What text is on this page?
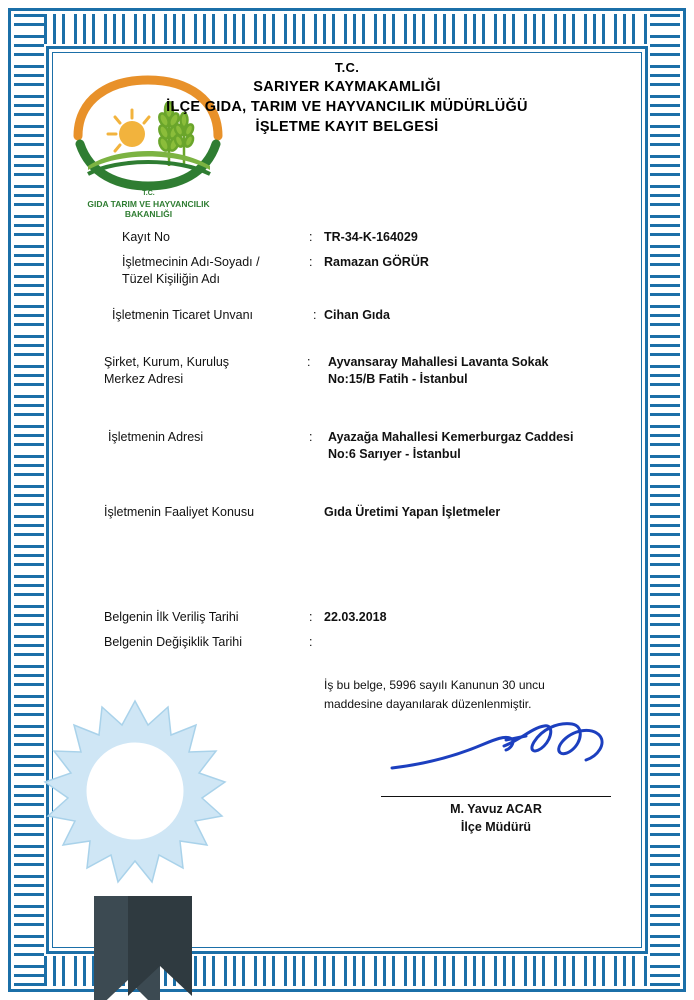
T.C.
GIDA TARIM VE HAYVANCILIK
BAKANLIĞI
T.C.
SARIYER KAYMAKAMLIĞI
İLÇE GIDA, TARIM VE HAYVANCILIK MÜDÜRLÜĞÜ
İŞLETME KAYIT BELGESİ
Kayıt No	: TR-34-K-164029
İşletmecinin Adı-Soyadı /
Tüzel Kişiliğin Adı
: Ramazan GÖRÜR
İşletmenin Ticaret Unvanı	: Cihan Gıda
Şirket, Kurum, Kuruluş
Merkez Adresi
: Ayvansaray Mahallesi Lavanta Sokak
No:15/B Fatih - İstanbul
İşletmenin Adresi	: Ayazağa Mahallesi Kemerburgaz Caddesi
No:6 Sarıyer - İstanbul
İşletmenin Faaliyet Konusu	Gıda Üretimi Yapan İşletmeler
Belgenin İlk Veriliş Tarihi	: 22.03.2018
Belgenin Değişiklik Tarihi	:
İş bu belge, 5996 sayılı Kanunun 30 uncu
maddesine dayanılarak düzenlenmiştir.
M. Yavuz ACAR
İlçe Müdürü
